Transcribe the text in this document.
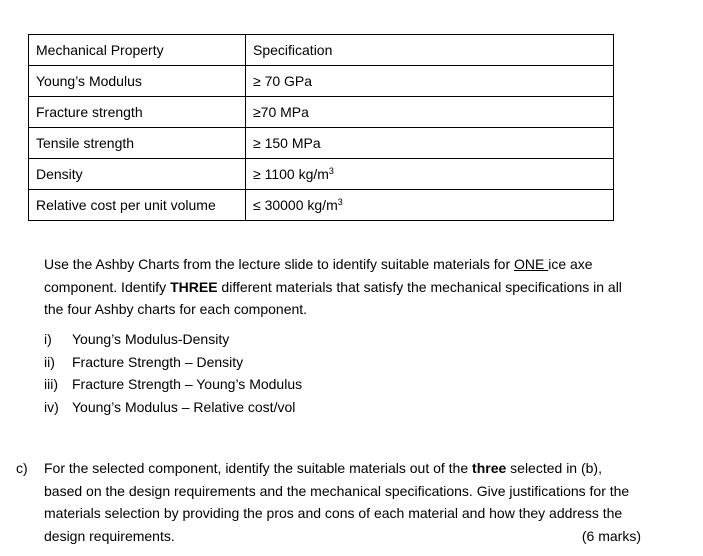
Mechanical Property	Specification
Young’s Modulus	≥ 70 GPa
Fracture strength	≥70 MPa
Tensile strength	≥ 150 MPa
Density	≥ 1100 $kg/m^3$
Relative cost per unit volume	≤ 30000 $kg/m^3$
Use the Ashby Charts from the lecture slide to identify suitable materials for ONE ice axe component. Identify THREE different materials that satisfy the mechanical specifications in all the four Ashby charts for each component.
i)	Young’s Modulus-Density
ii)	Fracture Strength – Density
iii)	Fracture Strength – Young’s Modulus
iv) Young’s Modulus – Relative cost/vol
c)	For the selected component, identify the suitable materials out of the three selected in (b), based on the design requirements and the mechanical specifications. Give justifications for the materials selection by providing the pros and cons of each material and how they address the design requirements.	(6 marks)
